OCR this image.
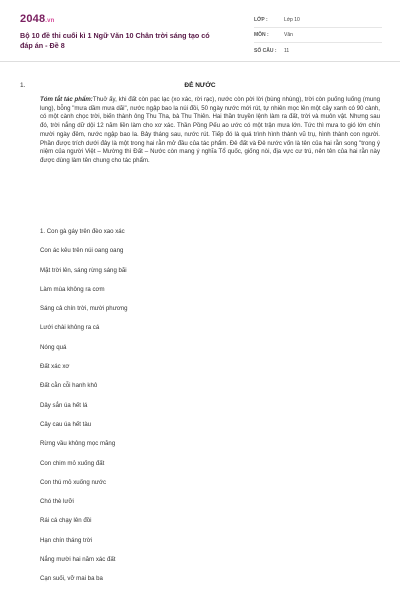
2048.vn
Bộ 10 đề thi cuối kì 1 Ngữ Văn 10 Chân trời sáng tạo có đáp án - Đề 8
LỚP :	Lớp 10
MÔN :	Văn
SỐ CÂU :	11
1.	ĐẺ NƯỚC

Tóm tắt tác phẩm:Thuở ấy, khi đất còn pạc lạc (xo xác, rời rạc), nước còn pời lời (bùng nhùng), trời còn puống luống (mung lung), bỗng "mưa dầm mưa dãi", nước ngập bao la núi đồi, 50 ngày nước mới rút, tự nhiên mọc lên một cây xanh có 90 cành, có một cành chọc trời, biến thành ông Thu Tha, bà Thu Thiên. Hai thần truyền lệnh làm ra đất, trời và muôn vật. Nhưng sau đó, trời nắng dữ dội 12 năm liền làm cho xơ xác. Thần Pồng Pếu ao ước có một trận mưa lớn. Tức thì mưa to gió lớn chín mười ngày đêm, nước ngập bao la. Bảy tháng sau, nước rút. Tiếp đó là quá trình hình thành vũ trụ, hình thành con người. Phần được trích dưới đây là một trong hai rằn mở đầu của tác phẩm. Đẻ đất và Đẻ nước vốn là tên của hai rằn song "trong ý niệm của người Việt – Mường thì Đất – Nước còn mang ý nghĩa Tổ quốc, giống nòi, địa vực cư trú, nên tên của hai rằn này được dùng làm tên chung cho tác phẩm.

1. Con gà gáy trên đèo xao xác
Con ác kêu trên núi oang oang
Mặt trời lên, sáng rừng sáng bãi
Làm mùa không ra cơm
Sáng cả chín trời, mười phương
Lưới chài không ra cá
Nóng quá
Đất xác xơ
Đất cằn cỗi hanh khô
Dây sắn úa hết lá
Cây cau úa hết tàu
Rừng vầu không mọc măng
Con chim mỏ xuống đất
Con thú mỏ xuống nước
Chó thè lưỡi
Rái cá chạy lên đồi
Hạn chín tháng trời
Nắng mười hai năm xác đất
Cạn suối, vỡ mai ba ba
